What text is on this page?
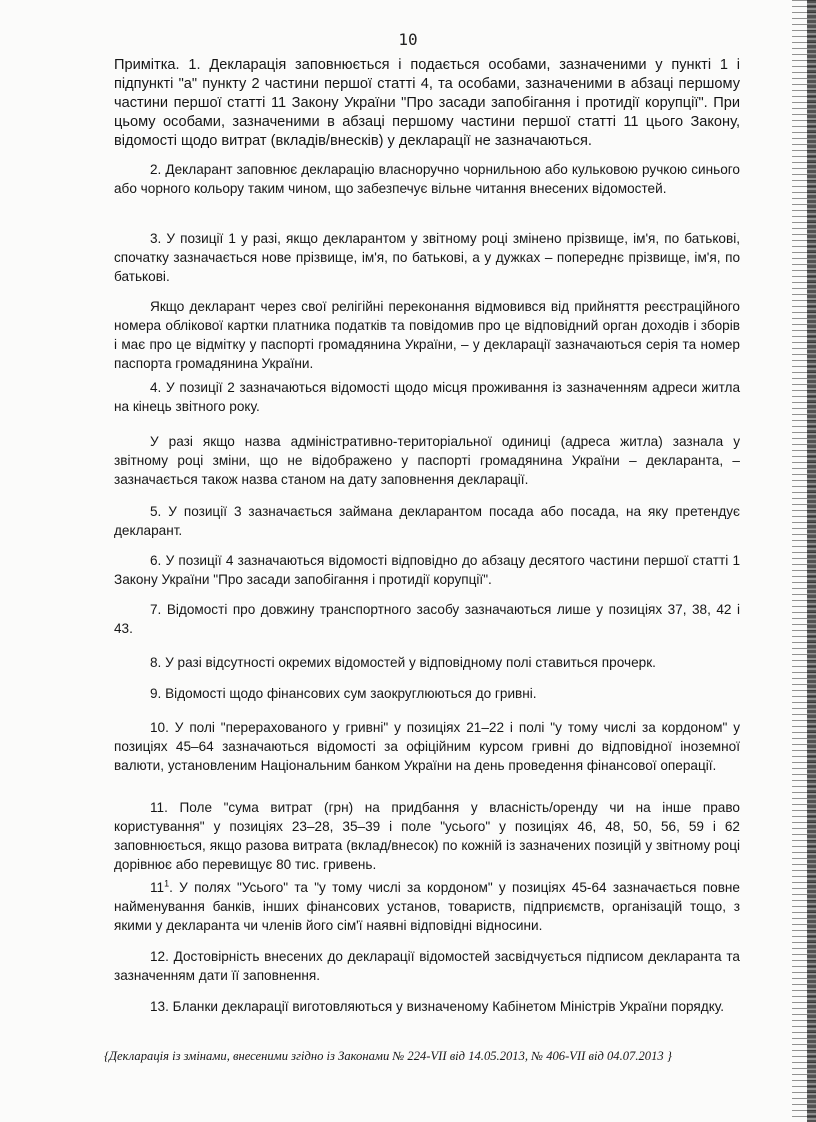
10
Примітка. 1. Декларація заповнюється і подається особами, зазначеними у пункті 1 і підпункті "а" пункту 2 частини першої статті 4, та особами, зазначеними в абзаці першому частини першої статті 11 Закону України "Про засади запобігання і протидії корупції". При цьому особами, зазначеними в абзаці першому частини першої статті 11 цього Закону, відомості щодо витрат (вкладів/внесків) у декларації не зазначаються.
2. Декларант заповнює декларацію власноручно чорнильною або кульковою ручкою синього або чорного кольору таким чином, що забезпечує вільне читання внесених відомостей.
3. У позиції 1 у разі, якщо декларантом у звітному році змінено прізвище, ім'я, по батькові, спочатку зазначається нове прізвище, ім'я, по батькові, а у дужках – попереднє прізвище, ім'я, по батькові.
Якщо декларант через свої релігійні переконання відмовився від прийняття реєстраційного номера облікової картки платника податків та повідомив про це відповідний орган доходів і зборів і має про це відмітку у паспорті громадянина України, – у декларації зазначаються серія та номер паспорта громадянина України.
4. У позиції 2 зазначаються відомості щодо місця проживання із зазначенням адреси житла на кінець звітного року.
У разі якщо назва адміністративно-територіальної одиниці (адреса житла) зазнала у звітному році зміни, що не відображено у паспорті громадянина України – декларанта, – зазначається також назва станом на дату заповнення декларації.
5. У позиції 3 зазначається займана декларантом посада або посада, на яку претендує декларант.
6. У позиції 4 зазначаються відомості відповідно до абзацу десятого частини першої статті 1 Закону України "Про засади запобігання і протидії корупції".
7. Відомості про довжину транспортного засобу зазначаються лише у позиціях 37, 38, 42 і 43.
8. У разі відсутності окремих відомостей у відповідному полі ставиться прочерк.
9. Відомості щодо фінансових сум заокруглюються до гривні.
10. У полі "перерахованого у гривні" у позиціях 21–22 і полі "у тому числі за кордоном" у позиціях 45–64 зазначаються відомості за офіційним курсом гривні до відповідної іноземної валюти, установленим Національним банком України на день проведення фінансової операції.
11. Поле "сума витрат (грн) на придбання у власність/оренду чи на інше право користування" у позиціях 23–28, 35–39 і поле "усього" у позиціях 46, 48, 50, 56, 59 і 62 заповнюється, якщо разова витрата (вклад/внесок) по кожній із зазначених позицій у звітному році дорівнює або перевищує 80 тис. гривень.
$11^1$. У полях "Усього" та "у тому числі за кордоном" у позиціях 45-64 зазначається повне найменування банків, інших фінансових установ, товариств, підприємств, організацій тощо, з якими у декларанта чи членів його сім'ї наявні відповідні відносини.
12. Достовірність внесених до декларації відомостей засвідчується підписом декларанта та зазначенням дати її заповнення.
13. Бланки декларації виготовляються у визначеному Кабінетом Міністрів України порядку.
{Декларація із змінами, внесеними згідно із Законами № 224-VII від 14.05.2013, № 406-VII від 04.07.2013 }
